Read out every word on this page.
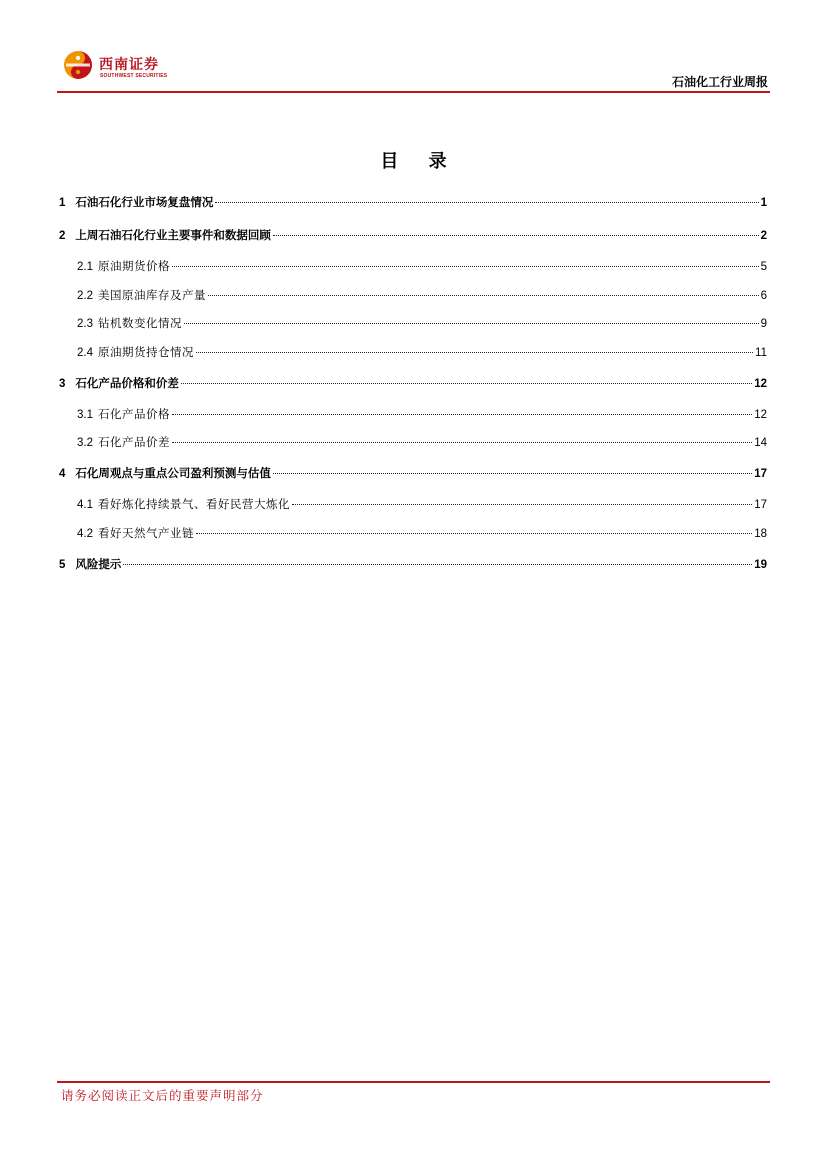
西南证券
SOUTHWEST SECURITIES	石油化工行业周报
目 录
1 石油石化行业市场复盘情况	1
2 上周石油石化行业主要事件和数据回顾	2
2.1 原油期货价格	5
2.2 美国原油库存及产量	6
2.3 钻机数变化情况	9
2.4 原油期货持仓情况	11
3 石化产品价格和价差	12
3.1 石化产品价格	12
3.2 石化产品价差	14
4 石化周观点与重点公司盈利预测与估值	17
4.1 看好炼化持续景气、看好民营大炼化	17
4.2 看好天然气产业链	18
5 风险提示	19
请务必阅读正文后的重要声明部分
